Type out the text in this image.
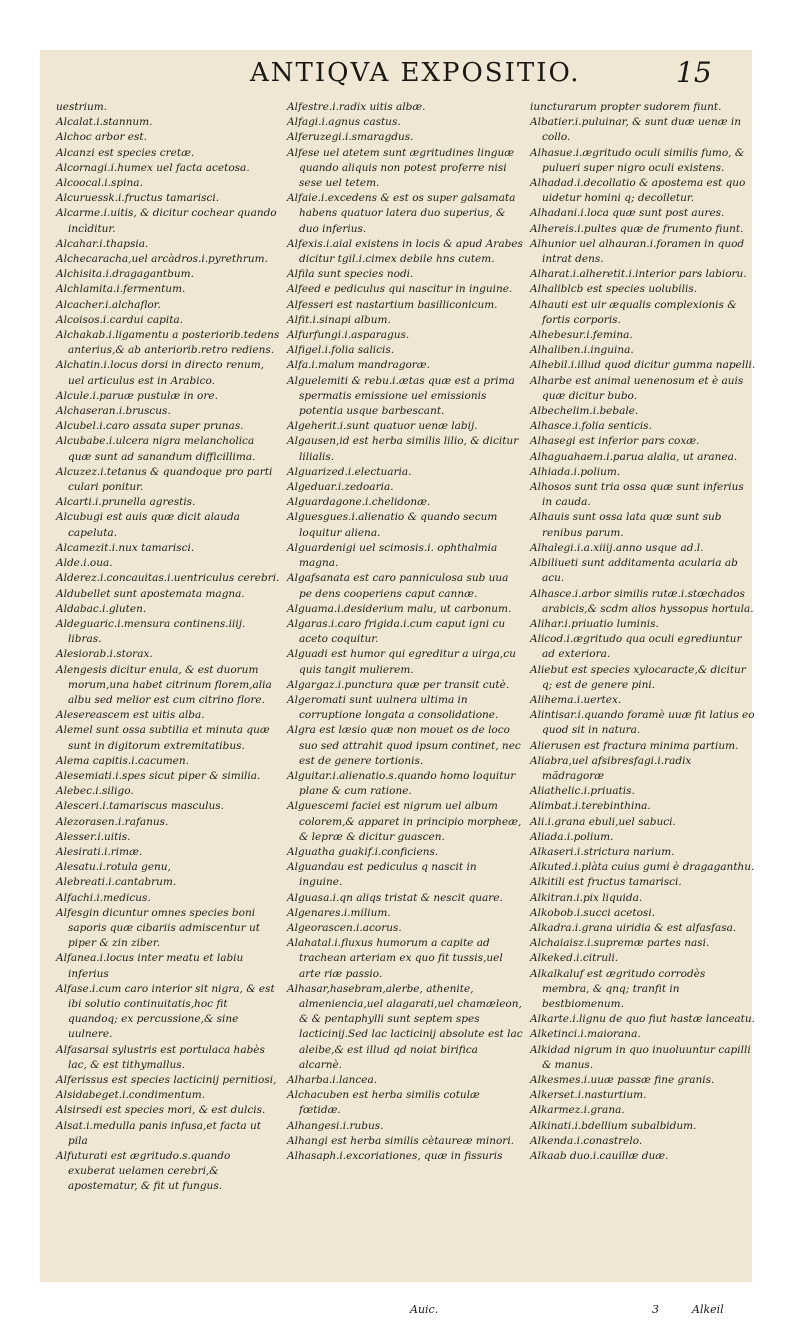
ANTIQVA EXPOSITIO.	15
uestrium.
Alcalat.i.stannum.
Alchoc arbor est.
Alcanzi est species cretæ.
Alcornagi.i.humex uel facta acetosa.
Alcoocal.i.spina.
Alcuruessk.i.fructus tamarisci.
Alcarme.i.uitis, & dicitur cochear quando incìditur.
Alcahar.i.thapsia.
Alchecaracha,uel arcàdros.i.pyrethrum.
Alchisita.i.dragagantbum.
Alchlamita.i.fermentum.
Alcacher.i.alchaflor.
Alcoisos.i.cardui capita.
Alchakab.i.ligamentu a posteriorib.tedens anterius,& ab anteriorib.retro rediens.
Alchatin.i.locus dorsi in directo renum, uel articulus est in Arabico.
Alcule.i.paruæ pustulæ in ore.
Alchaseran.i.bruscus.
Alcubel.i.caro assata super prunas.
Alcubabe.i.ulcera nigra melancholica quæ sunt ad sanandum difficillima.
Alcuzez.i.tetanus & quandoque pro parti culari ponitur.
Alcarti.i.prunella agrestis.
Alcubugi est auis quæ dicit alauda capeluta.
Alcamezit.i.nux tamarisci.
Alde.i.oua.
Alderez.i.concauitas.i.uentriculus cerebri.
Aldubellet sunt apostemata magna.
Aldabac.i.gluten.
Aldeguaric.i.mensura continens.iiij. libras.
Alesiorab.i.storax.
Alengesis dicitur enula, & est duorum morum,una habet citrinum florem,alia albu sed melior est cum citrino flore.
Alesereascem est uitis alba.
Alemel sunt ossa subtilia et minuta quæ sunt in digitorum extremitatibus.
Alema capitis.i.cacumen.
Alesemiati.i.spes sicut piper & similia.
Alebec.i.siligo.
Alesceri.i.tamariscus masculus.
Alezorasen.i.rafanus.
Alesser.i.uitis.
Alesirati.i.rimæ.
Alesatu.i.rotula genu,
Alebreati.i.cantabrum.
Alfachi.i.medicus.
Alfesgin dicuntur omnes species boni saporis quæ cibariis admiscentur ut piper & zin ziber.
Alfanea.i.locus inter meatu et labiu inferius
Alfase.i.cum caro interior sit nigra, & est ibi solutio continuitatis,hoc fit quandoq; ex percussione,& sine uulnere.
Alfasarsai sylustris est portulaca habès lac, & est tithymallus.
Alferissus est species lacticinij pernitiosi,
Alsidabeget.i.condimentum.
Alsirsedi est species mori, & est dulcis.
Alsat.i.medulla panis infusa,et facta ut pila
Alfuturati est ægritudo.s.quando exuberat uelamen cerebri,& apostematur, & fit ut fungus.
Alfestre.i.radix uitis albæ.
Alfagi.i.agnus castus.
Alferuzegi.i.smaragdus.
Alfese uel atetem sunt ægritudines linguæ quando aliquis non potest proferre nisi sese uel tetem.
Alfaie.i.excedens & est os super galsamata habens quatuor latera duo superius, & duo inferius.
Alfexis.i.aial existens in locis & apud Arabes dicitur tgil.i.cimex debile hns cutem.
Alfila sunt species nodi.
Alfeed e pediculus qui nascitur in inguine.
Alfesseri est nastartium basilliconicum.
Alfit.i.sinapi album.
Alfurfungi.i.asparagus.
Alfigel.i.folia salicis.
Alfa.i.malum mandragoræ.
Alguelemiti & rebu.i.ætas quæ est a prima spermatis emissione uel emissionis potentia usque barbescant.
Algeherit.i.sunt quatuor uenæ labij.
Algausen,id est herba similis lilio, & dicitur lilialis.
Alguarized.i.electuaria.
Algeduar.i.zedoaria.
Alguardagone.i.chelidonæ.
Alguesgues.i.alienatio & quando secum loquitur aliena.
Alguardenigi uel scimosis.i. ophthalmia magna.
Algafsanata est caro panniculosa sub uua pe dens cooperiens caput cannæ.
Alguama.i.desiderium malu, ut carbonum.
Algaras.i.caro frigida.i.cum caput igni cu aceto coquitur.
Alguadi est humor qui egreditur a uirga,cu quis tangit mulierem.
Algargaz.i.punctura quæ per transit cutè.
Algeromati sunt uulnera ultima in corruptione longata a consolidatione.
Algra est læsio quæ non mouet os de loco suo sed attrahit quod ipsum continet, nec est de genere tortionis.
Alguitar.i.alienatio.s.quando homo loquitur plane & cum ratione.
Alguescemi faciei est nigrum uel album colorem,& apparet in principio morpheæ, & lepræ & dicitur guascen.
Alguatha guakif.i.conficiens.
Alguandau est pediculus q nascit in inguine.
Alguasa.i.qn aliqs tristat & nescit quare.
Algenares.i.milium.
Algeorascen.i.acorus.
Alahatal.i.fluxus humorum a capite ad trachean arteriam ex quo fit tussis,uel arte riæ passio.
Alhasar,hasebram,alerbe, athenite, almeniencia,uel alagarati,uel chamæleon, & & pentaphylli sunt septem spes lacticinij.Sed lac lacticinij absolute est lac aleibe,& est illud qd noiat birifica alcarnè.
Alharba.i.lancea.
Alchacuben est herba similis cotulæ fœtidæ.
Alhangesi.i.rubus.
Alhangi est herba similis cètaureæ minori.
Alhasaph.i.excoriationes, quæ in fissuris
iuncturarum propter sudorem fiunt.
Albatier.i.puluinar, & sunt duæ uenæ in collo.
Alhasue.i.ægritudo oculi similis fumo, & pulueri super nigro oculi existens.
Alhadad.i.decollatio & apostema est quo uidetur homini q; decolletur.
Alhadani.i.loca quæ sunt post aures.
Alhereis.i.pultes quæ de frumento fiunt.
Alhunior uel alhauran.i.foramen in quod intrat dens.
Alharat.i.alheretit.i.interior pars labioru.
Alhaliblcb est species uolubilis.
Alhauti est uir æqualis complexionis & fortis corporis.
Alhebesur.i.femina.
Alhaliben.i.inguina.
Alhebil.i.illud quod dicitur gumma napelli.
Alharbe est animal uenenosum et è auis quæ dicitur bubo.
Albechelim.i.bebale.
Alhasce.i.folia senticis.
Alhasegi est inferior pars coxæ.
Alhaguahaem.i.parua alalia, ut aranea.
Alhiada.i.polium.
Alhosos sunt tria ossa quæ sunt inferius in cauda.
Alhauis sunt ossa lata quæ sunt sub renibus parum.
Alhalegi.i.a.xiiij.anno usque ad.l.
Albiliueti sunt additamenta acularia ab acu.
Alhasce.i.arbor similis rutæ.i.stœchados arabicis,& scdm alios hyssopus hortula.
Alihar.i.priuatio luminis.
Alicod.i.ægritudo qua oculi egrediuntur ad exteriora.
Aliebut est species xylocaracte,& dicitur q; est de genere pini.
Alihema.i.uertex.
Alintisar.i.quando foramè uuæ fit latius eo quod sit in natura.
Alierusen est fractura minima partium.
Aliabra,uel afsibresfagi.i.radix mãdragoræ
Aliathelic.i.priuatis.
Alimbat.i.terebinthina.
Ali.i.grana ebuli,uel sabuci.
Aliada.i.polium.
Alkaseri.i.strictura narium.
Alkuted.i.plàta cuius gumi è dragaganthu.
Alkitili est fructus tamarisci.
Alkitran.i.pix liquida.
Alkobob.i.succi acetosi.
Alkadra.i.grana uiridia & est alfasfasa.
Alchaiaisz.i.supremæ partes nasi.
Alkeked.i.citruli.
Alkalkaluf est ægritudo corrodès membra, & qnq; tranfit in bestbiomenum.
Alkarte.i.lignu de quo fiut hastæ lanceatu.
Alketinci.i.maiorana.
Alkidad nigrum in quo inuoluuntur capilli & manus.
Alkesmes.i.uuæ passæ fine granis.
Alkerset.i.nasturtium.
Alkarmez.i.grana.
Alkinati.i.bdellium subalbidum.
Alkenda.i.conastrelo.
Alkaab duo.i.cauillæ duæ.
Auic.	3	Alkeil
